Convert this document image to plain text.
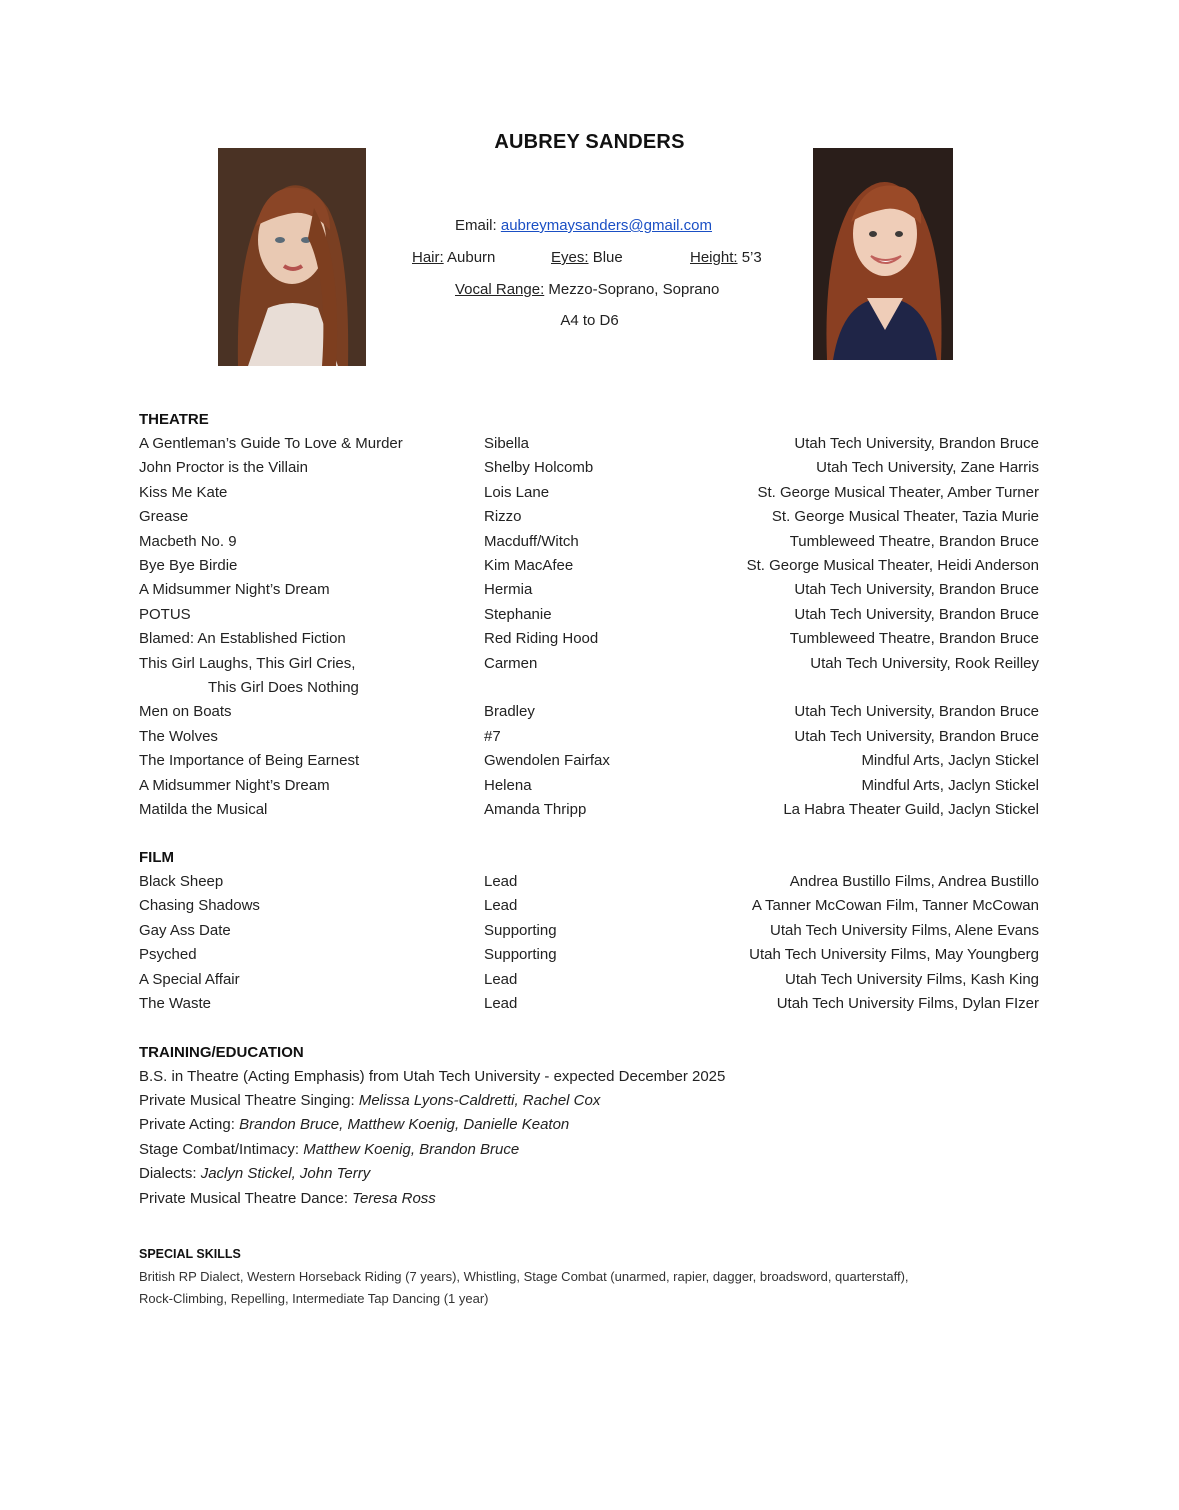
AUBREY SANDERS
Email: aubreymaysanders@gmail.com
Hair: Auburn	Eyes: Blue	Height: 5’3
Vocal Range: Mezzo-Soprano, Soprano
A4 to D6
THEATRE
A Gentleman’s Guide To Love & Murder	Sibella	Utah Tech University, Brandon Bruce
John Proctor is the Villain	Shelby Holcomb	Utah Tech University, Zane Harris
Kiss Me Kate	Lois Lane	St. George Musical Theater, Amber Turner
Grease	Rizzo	St. George Musical Theater, Tazia Murie
Macbeth No. 9	Macduff/Witch	Tumbleweed Theatre, Brandon Bruce
Bye Bye Birdie	Kim MacAfee	St. George Musical Theater, Heidi Anderson
A Midsummer Night’s Dream	Hermia	Utah Tech University, Brandon Bruce
POTUS	Stephanie	Utah Tech University, Brandon Bruce
Blamed: An Established Fiction	Red Riding Hood	Tumbleweed Theatre, Brandon Bruce
This Girl Laughs, This Girl Cries,	Carmen	Utah Tech University, Rook Reilley
This Girl Does Nothing
Men on Boats	Bradley	Utah Tech University, Brandon Bruce
The Wolves	#7	Utah Tech University, Brandon Bruce
The Importance of Being Earnest	Gwendolen Fairfax	Mindful Arts, Jaclyn Stickel
A Midsummer Night’s Dream	Helena	Mindful Arts, Jaclyn Stickel
Matilda the Musical	Amanda Thripp	La Habra Theater Guild, Jaclyn Stickel
FILM
Black Sheep	Lead	Andrea Bustillo Films, Andrea Bustillo
Chasing Shadows	Lead	A Tanner McCowan Film, Tanner McCowan
Gay Ass Date	Supporting	Utah Tech University Films, Alene Evans
Psyched	Supporting	Utah Tech University Films, May Youngberg
A Special Affair	Lead	Utah Tech University Films, Kash King
The Waste	Lead	Utah Tech University Films, Dylan FIzer
TRAINING/EDUCATION
B.S. in Theatre (Acting Emphasis) from Utah Tech University - expected December 2025
Private Musical Theatre Singing: Melissa Lyons-Caldretti, Rachel Cox
Private Acting: Brandon Bruce, Matthew Koenig, Danielle Keaton
Stage Combat/Intimacy: Matthew Koenig, Brandon Bruce
Dialects: Jaclyn Stickel, John Terry
Private Musical Theatre Dance: Teresa Ross
SPECIAL SKILLS
British RP Dialect, Western Horseback Riding (7 years), Whistling, Stage Combat (unarmed, rapier, dagger, broadsword, quarterstaff),
Rock-Climbing, Repelling, Intermediate Tap Dancing (1 year)
